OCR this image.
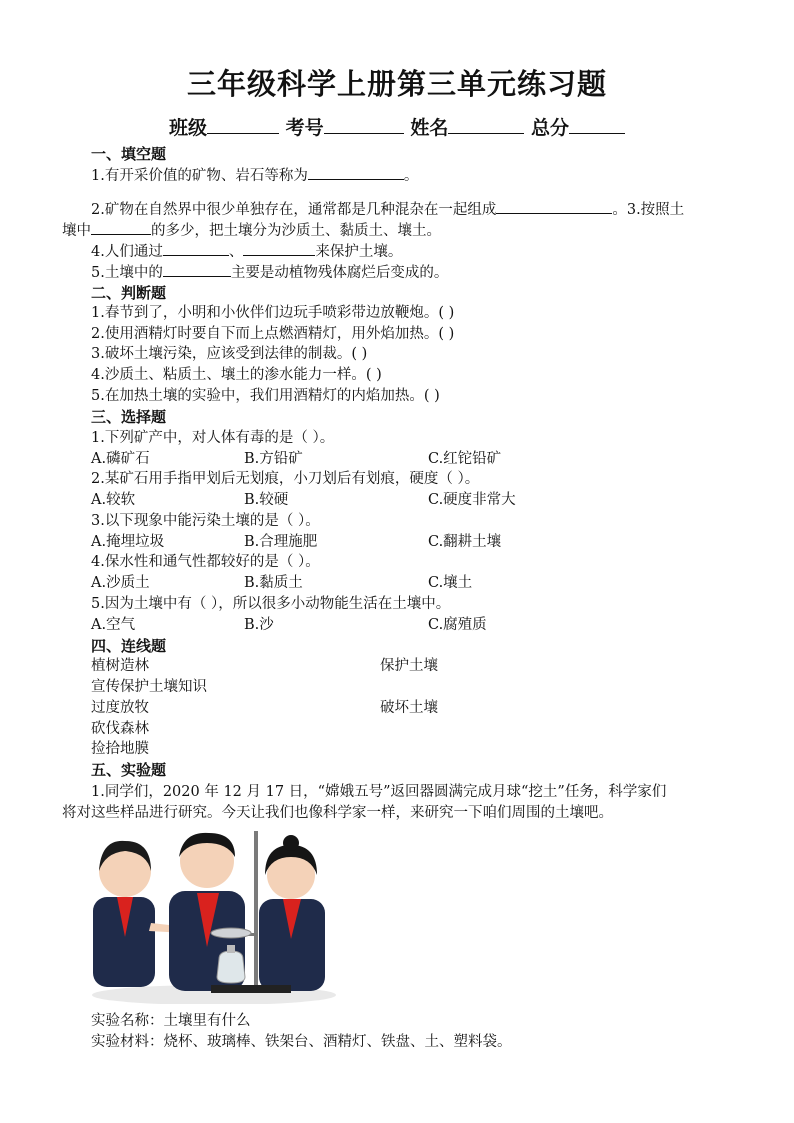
三年级科学上册第三单元练习题
班级	考号	姓名	总分
一、填空题
1.有开采价值的矿物、岩石等称为	。
2.矿物在自然界中很少单独存在，通常都是几种混杂在一起组成	。3.按照土
壤中	的多少，把土壤分为沙质土、黏质土、壤土。
4.人们通过	、	来保护土壤。
5.土壤中的	主要是动植物残体腐烂后变成的。
二、判断题
1.春节到了，小明和小伙伴们边玩手喷彩带边放鞭炮。( )
2.使用酒精灯时要自下而上点燃酒精灯，用外焰加热。( )
3.破坏土壤污染，应该受到法律的制裁。( )
4.沙质土、粘质土、壤土的渗水能力一样。( )
5.在加热土壤的实验中，我们用酒精灯的内焰加热。( )
三、选择题
1.下列矿产中，对人体有毒的是（ ）。
A.磷矿石	B.方铅矿	C.红铊铅矿
2.某矿石用手指甲划后无划痕，小刀划后有划痕，硬度（ ）。
A.较软	B.较硬	C.硬度非常大
3.以下现象中能污染土壤的是（ ）。
A.掩埋垃圾	B.合理施肥	C.翻耕土壤
4.保水性和通气性都较好的是（ ）。
A.沙质土	B.黏质土	C.壤土
5.因为土壤中有（ ），所以很多小动物能生活在土壤中。
A.空气	B.沙	C.腐殖质
四、连线题
植树造林	保护土壤
宣传保护土壤知识
过度放牧	破坏土壤
砍伐森林
捡拾地膜
五、实验题
1.同学们，2020 年 12 月 17 日，“嫦娥五号”返回器圆满完成月球“挖土”任务，科学家们
将对这些样品进行研究。今天让我们也像科学家一样，来研究一下咱们周围的土壤吧。
实验名称：土壤里有什么
实验材料：烧杯、玻璃棒、铁架台、酒精灯、铁盘、土、塑料袋。
